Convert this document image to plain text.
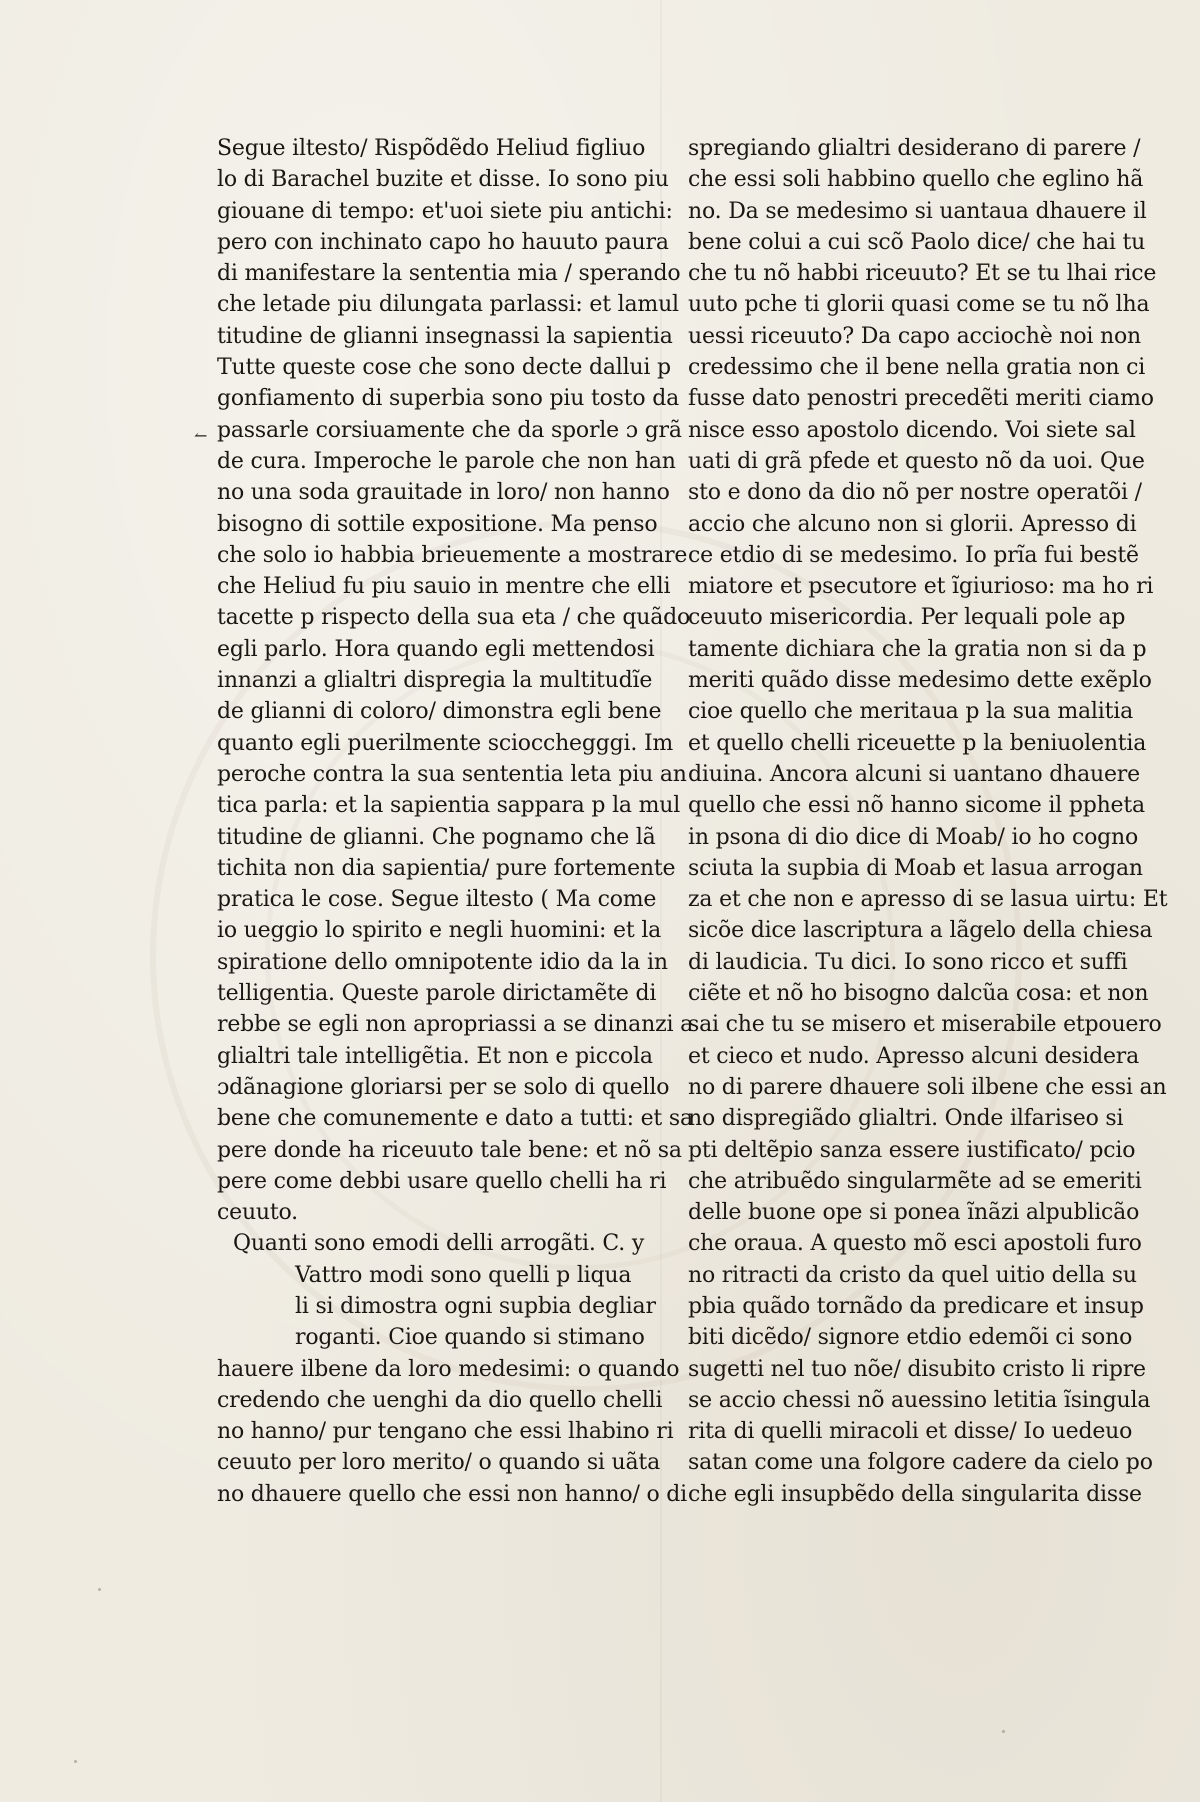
↼
Segue iltesto/ Rispõdẽdo Heliud figliuo
lo di Barachel buzite et disse. Io sono piu
giouane di tempo: et'uoi siete piu antichi:
pero con inchinato capo ho hauuto paura
di manifestare la sententia mia / sperando
che letade piu dilungata parlassi: et lamul
titudine de glianni insegnassi la sapientia
Tutte queste cose che sono decte dallui p
gonfiamento di superbia sono piu tosto da
passarle corsiuamente che da sporle ɔ grã
de cura. Imperoche le parole che non han
no una soda grauitade in loro/ non hanno
bisogno di sottile expositione. Ma penso
che solo io habbia brieuemente a mostrare
che Heliud fu piu sauio in mentre che elli
tacette p rispecto della sua eta / che quãdo
egli parlo. Hora quando egli mettendosi
innanzi a glialtri dispregia la multitudĩe
de glianni di coloro/ dimonstra egli bene
quanto egli puerilmente sciocchegggi. Im
peroche contra la sua sententia leta piu an
tica parla: et la sapientia sappara p la mul
titudine de glianni. Che pognamo che lã
tichita non dia sapientia/ pure fortemente
pratica le cose. Segue iltesto ( Ma come
io ueggio lo spirito e negli huomini: et la
spiratione dello omnipotente idio da la in
telligentia. Queste parole dirictamẽte di
rebbe se egli non apropriassi a se dinanzi a
glialtri tale intelligẽtia. Et non e piccola
ɔdãnagione gloriarsi per se solo di quello
bene che comunemente e dato a tutti: et sa
pere donde ha riceuuto tale bene: et nõ sa
pere come debbi usare quello chelli ha ri
ceuuto.
Quanti sono emodi delli arrogãti. C. y
Vattro modi sono quelli p liqua
li si dimostra ogni supbia degliar
roganti. Cioe quando si stimano
hauere ilbene da loro medesimi: o quando
credendo che uenghi da dio quello chelli
no hanno/ pur tengano che essi lhabino ri
ceuuto per loro merito/ o quando si uãta
no dhauere quello che essi non hanno/ o di
spregiando glialtri desiderano di parere /
che essi soli habbino quello che eglino hã
no. Da se medesimo si uantaua dhauere il
bene colui a cui scõ Paolo dice/ che hai tu
che tu nõ habbi riceuuto? Et se tu lhai rice
uuto pche ti glorii quasi come se tu nõ lha
uessi riceuuto? Da capo acciochè noi non
credessimo che il bene nella gratia non ci
fusse dato penostri precedẽti meriti ciamo
nisce esso apostolo dicendo. Voi siete sal
uati di grã pfede et questo nõ da uoi. Que
sto e dono da dio nõ per nostre operatõi /
accio che alcuno non si glorii. Apresso di
ce etdio di se medesimo. Io prĩa fui bestẽ
miatore et psecutore et ĩgiurioso: ma ho ri
ceuuto misericordia. Per lequali pole ap
tamente dichiara che la gratia non si da p
meriti quãdo disse medesimo dette exẽplo
cioe quello che meritaua p la sua malitia
et quello chelli riceuette p la beniuolentia
diuina. Ancora alcuni si uantano dhauere
quello che essi nõ hanno sicome il ppheta
in psona di dio dice di Moab/ io ho cogno
sciuta la supbia di Moab et lasua arrogan
za et che non e apresso di se lasua uirtu: Et
sicõe dice lascriptura a lãgelo della chiesa
di laudicia. Tu dici. Io sono ricco et suffi
ciẽte et nõ ho bisogno dalcũa cosa: et non
sai che tu se misero et miserabile etpouero
et cieco et nudo. Apresso alcuni desidera
no di parere dhauere soli ilbene che essi an
no dispregiãdo glialtri. Onde ilfariseo si
pti deltẽpio sanza essere iustificato/ pcio
che atribuẽdo singularmẽte ad se emeriti
delle buone ope si ponea ĩnãzi alpublicão
che oraua. A questo mõ esci apostoli furo
no ritracti da cristo da quel uitio della su
pbia quãdo tornãdo da predicare et insup
biti dicẽdo/ signore etdio edemõi ci sono
sugetti nel tuo nõe/ disubito cristo li ripre
se accio chessi nõ auessino letitia ĩsingula
rita di quelli miracoli et disse/ Io uedeuo
satan come una folgore cadere da cielo po
che egli insupbẽdo della singularita disse
